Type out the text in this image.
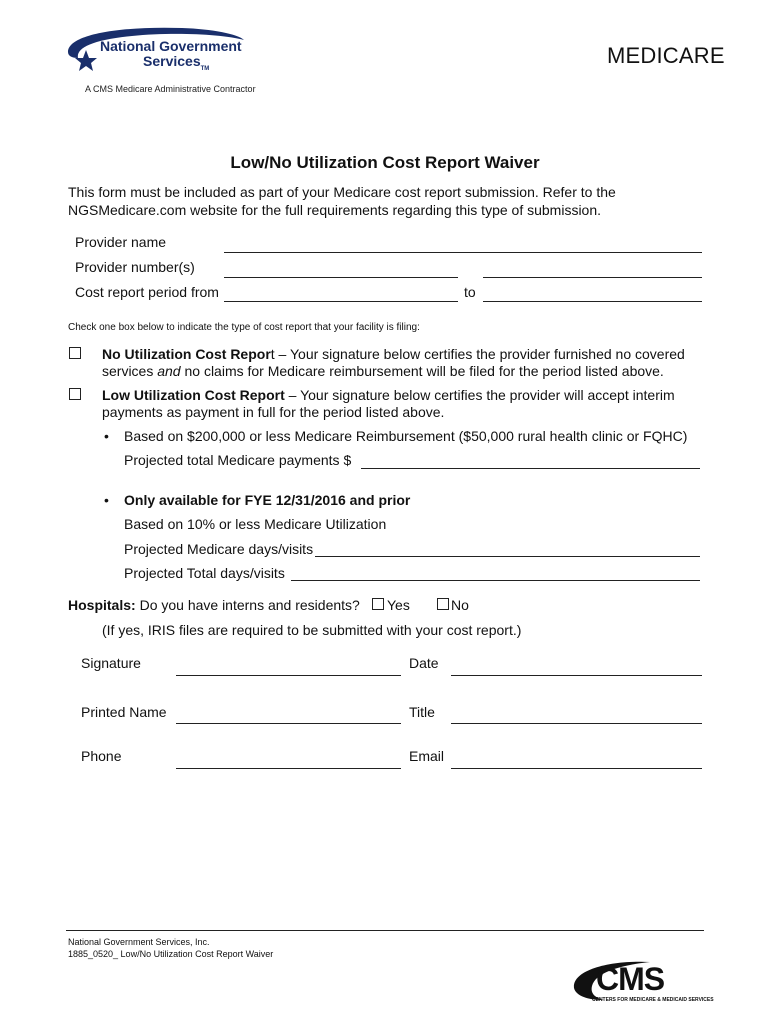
National Government
Services$_{TM}$
A CMS Medicare Administrative Contractor
MEDICARE
Low/No Utilization Cost Report Waiver
This form must be included as part of your Medicare cost report submission. Refer to the NGSMedicare.com website for the full requirements regarding this type of submission.
Provider name
Provider number(s)
Cost report period from	to
Check one box below to indicate the type of cost report that your facility is filing:
No Utilization Cost Report – Your signature below certifies the provider furnished no covered
services and no claims for Medicare reimbursement will be filed for the period listed above.
Low Utilization Cost Report – Your signature below certifies the provider will accept interim
payments as payment in full for the period listed above.
• Based on $200,000 or less Medicare Reimbursement ($50,000 rural health clinic or FQHC)
Projected total Medicare payments $
• Only available for FYE 12/31/2016 and prior
Based on 10% or less Medicare Utilization
Projected Medicare days/visits
Projected Total days/visits
Hospitals: Do you have interns and residents? Yes	No
(If yes, IRIS files are required to be submitted with your cost report.)
Signature	Date
Printed Name	Title
Phone	Email
National Government Services, Inc.
1885_0520_ Low/No Utilization Cost Report Waiver
CMS
CENTERS FOR MEDICARE & MEDICAID SERVICES
